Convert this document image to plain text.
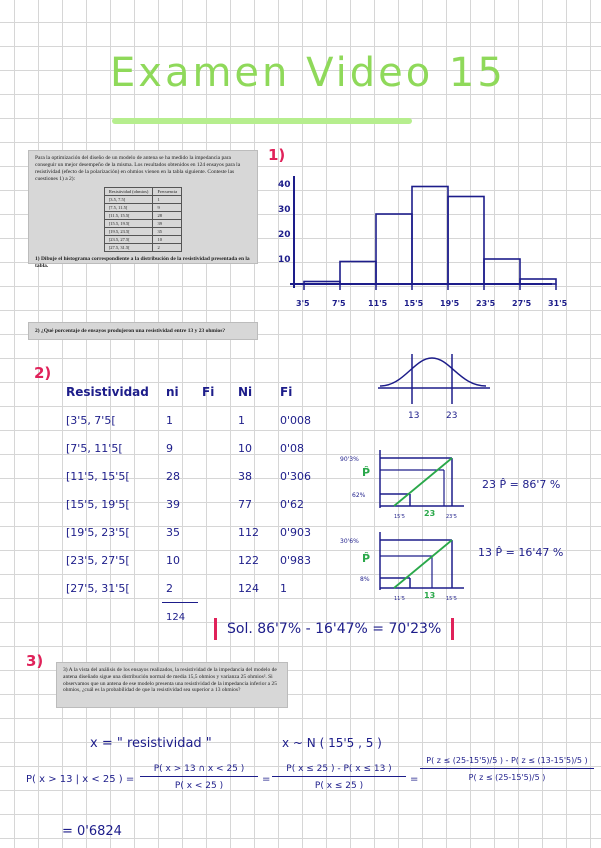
Examen Video 15
Para la optimización del diseño de un modelo de antena se ha medido la impedancia para conseguir un mejor desempeño de la misma. Los resultados obtenidos en 124 ensayos para la resistividad (efecto de la polarización) en ohmios vienen en la tabla siguiente. Conteste las cuestiones 1) a 2):
Resistividad (ohmios)	Frecuencia
[3.5, 7.5[	1
[7.5, 11.5[	9
[11.5, 15.5[	28
[15.5, 19.5[	39
[19.5, 23.5[	35
[23.5, 27.5[	10
[27.5, 31.5[	2
1) Dibuje el histograma correspondiente a la distribución de la resistividad presentada en la tabla.
1)
40
30
20
10
3'5	7'5	11'5 15'5 19'5 23'5 27'5 31'5
2) ¿Qué porcentaje de ensayos produjeron una resistividad entre 13 y 23 ohmios?
2)
Resistividad	ni	Fi	Ni	Fi
[3'5, 7'5[	1		1	0'008
[7'5, 11'5[	9		10	0'08
[11'5, 15'5[	28		38	0'306
[15'5, 19'5[	39		77	0'62
[19'5, 23'5[	35		112	0'903
[23'5, 27'5[	10		122	0'983
[27'5, 31'5[	2		124	1
	124			
13	23
90'3%
P̂
62%
15'5 23 23'5
23 P̂ = 86'7 %
30'6%
P̂
8%
11'5 13 15'5
13 P̂ = 16'47 %
Sol. 86'7% - 16'47% = 70'23%
3)	3) A la vista del análisis de los ensayos realizados, la resistividad de la impedancia del modelo de antena diseñado sigue una distribución normal de media 15,5 ohmios y varianza 25 ohmios². Si observamos que un antena de ese modelo presenta una resistividad de la impedancia inferior a 25 ohmios, ¿cuál es la probabilidad de que la resistividad sea superior a 13 ohmios?
x = " resistividad "	x ~ N ( 15'5 , 5 )
P( x > 13 | x < 25 ) = $\frac{P( x > 13 \cap x < 25 )}{P( x < 25 )} = \frac{P( x \le 25 ) - P( x \le 13 )}{P( x \le 25 )} = \frac{P( z \le (25-15'5)/5 ) - P( z \le (13-15'5)/5 )}{P( z \le (25-15'5)/5 )}$
= 0'6824
